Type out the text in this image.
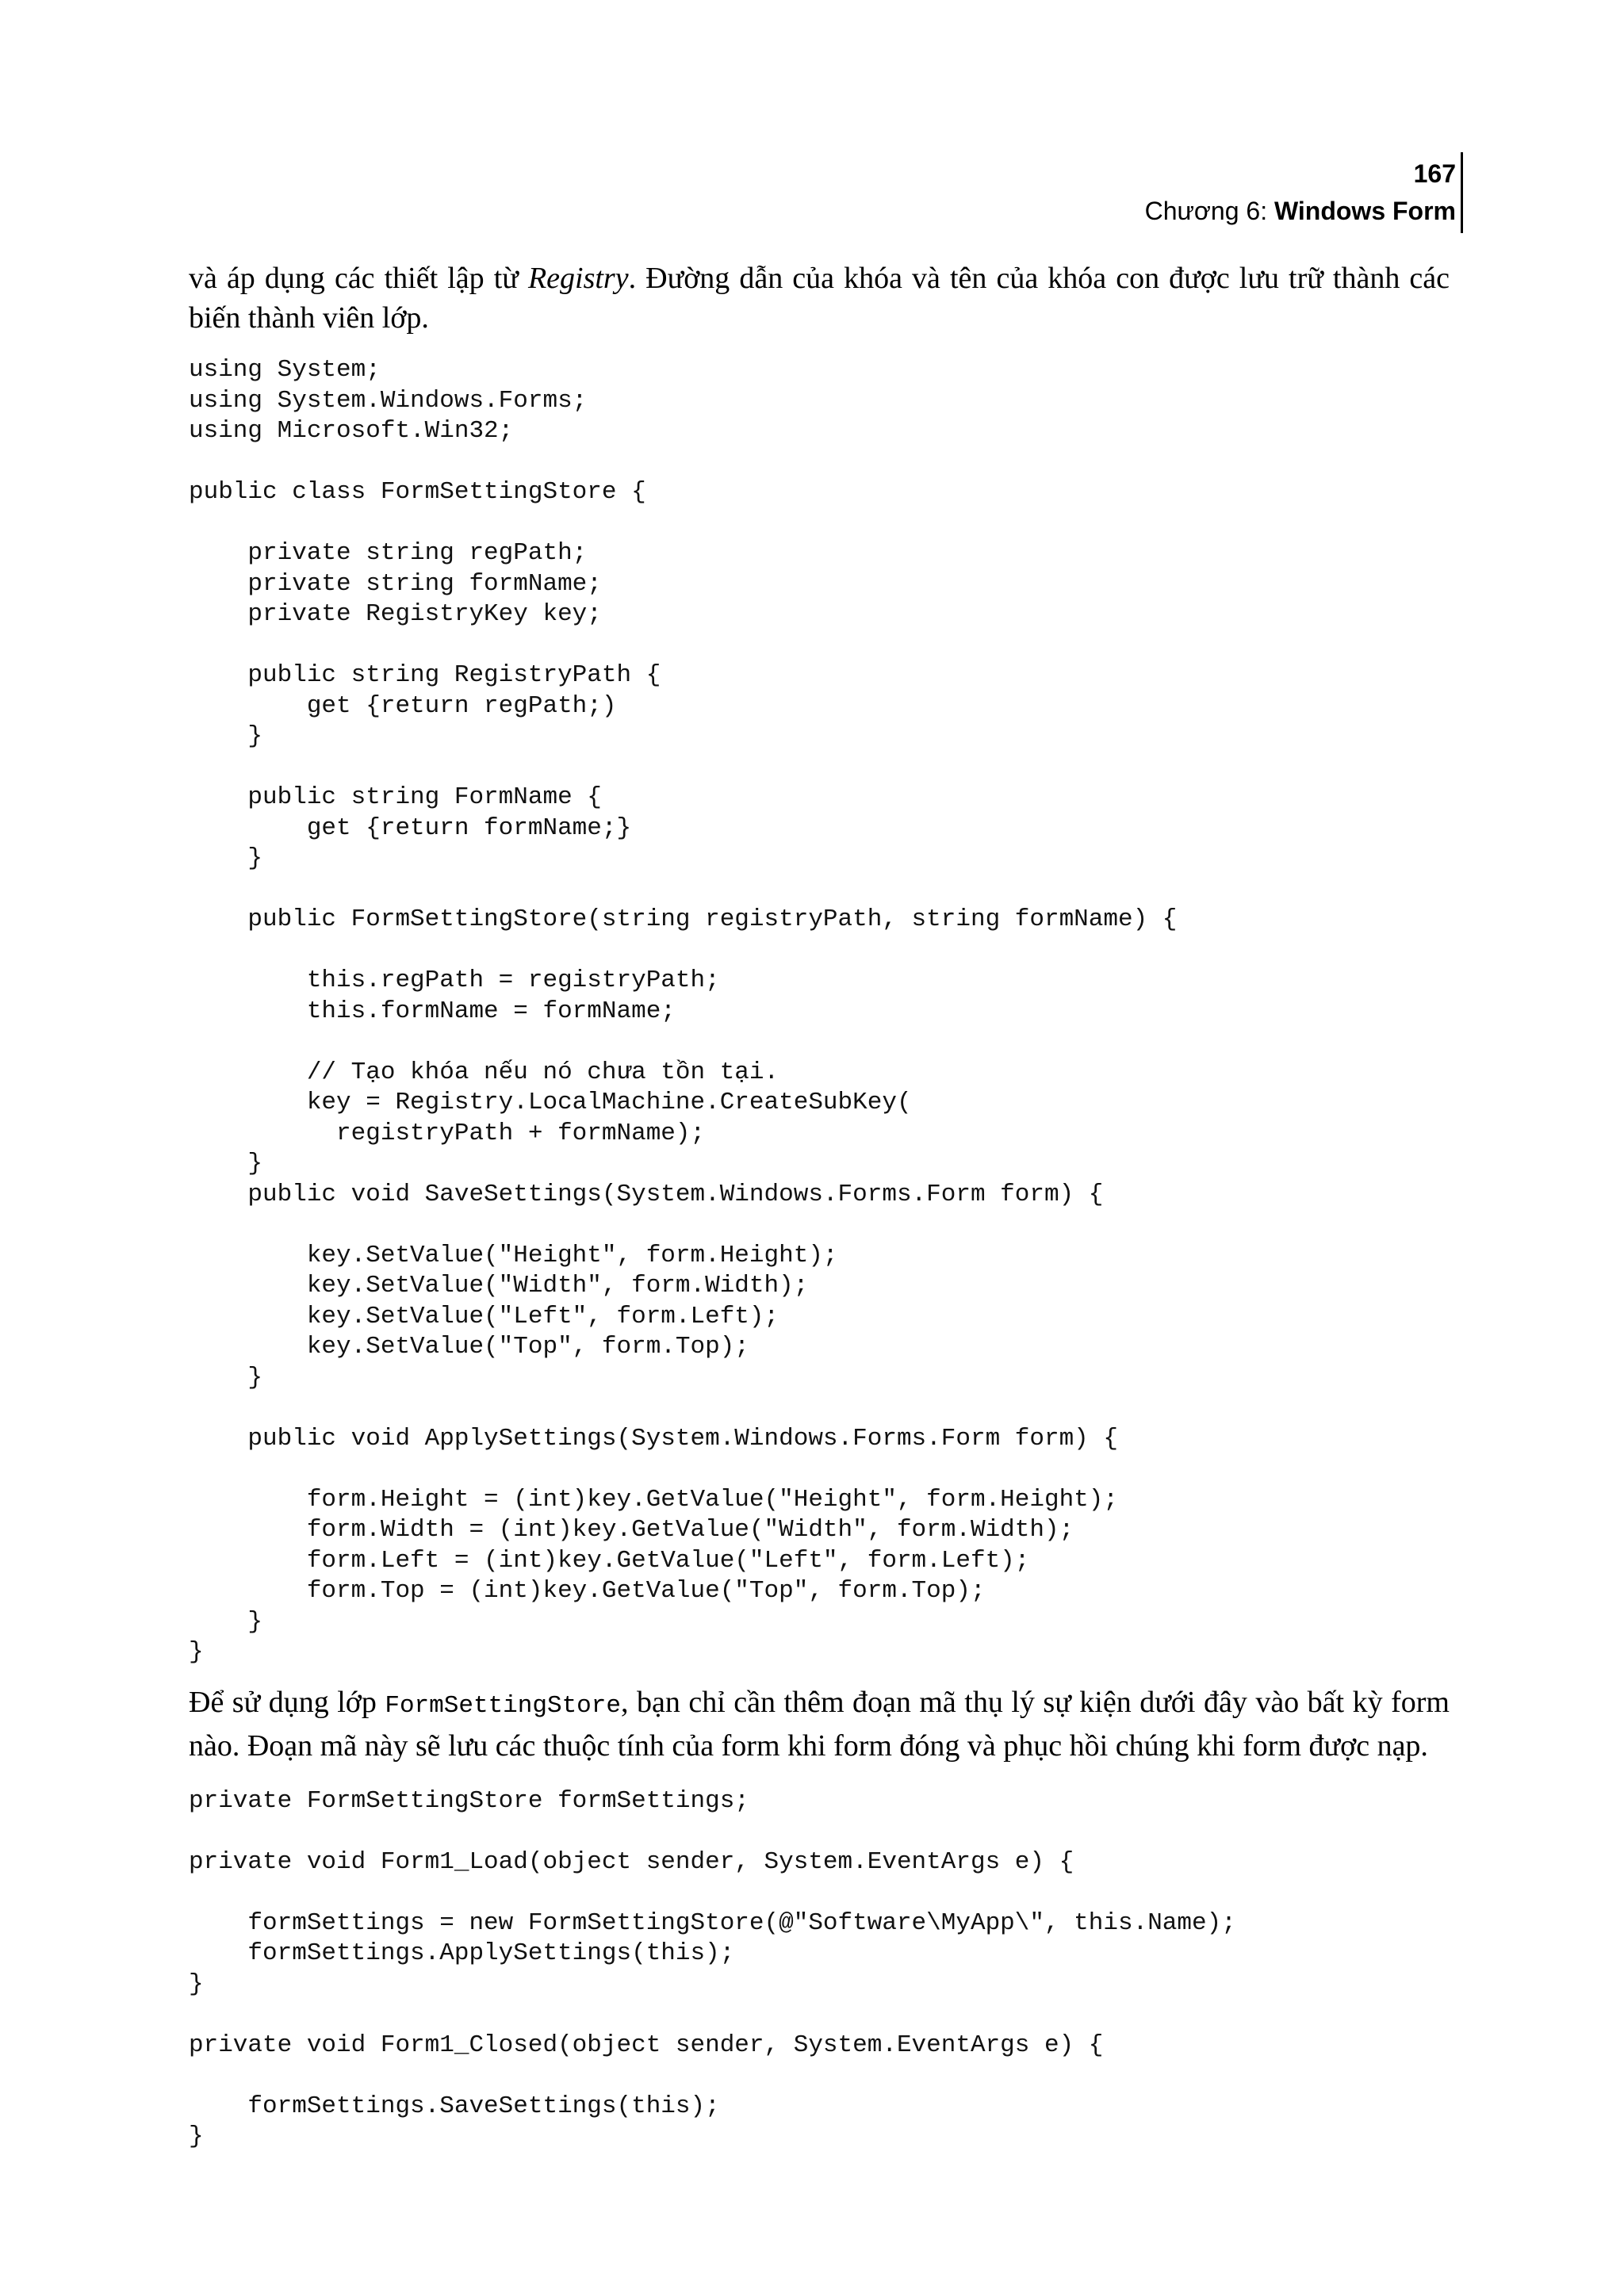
167
Chương 6: Windows Form

và áp dụng các thiết lập từ Registry. Đường dẫn của khóa và tên của khóa con được lưu trữ thành các biến thành viên lớp.

using System;
using System.Windows.Forms;
using Microsoft.Win32;

public class FormSettingStore {

private string regPath;
private string formName;
private RegistryKey key;

public string RegistryPath {
get {return regPath;)
}

public string FormName {
get {return formName;}
}

public FormSettingStore(string registryPath, string formName) {

this.regPath = registryPath;
this.formName = formName;

// Tạo khóa nếu nó chưa tồn tại.
key = Registry.LocalMachine.CreateSubKey(
registryPath + formName);
}
public void SaveSettings(System.Windows.Forms.Form form) {

key.SetValue("Height", form.Height);
key.SetValue("Width", form.Width);
key.SetValue("Left", form.Left);
key.SetValue("Top", form.Top);
}

public void ApplySettings(System.Windows.Forms.Form form) {

form.Height = (int)key.GetValue("Height", form.Height);
form.Width = (int)key.GetValue("Width", form.Width);
form.Left = (int)key.GetValue("Left", form.Left);
form.Top = (int)key.GetValue("Top", form.Top);
}
}

Để sử dụng lớp FormSettingStore, bạn chỉ cần thêm đoạn mã thụ lý sự kiện dưới đây vào bất kỳ form nào. Đoạn mã này sẽ lưu các thuộc tính của form khi form đóng và phục hồi chúng khi form được nạp.

private FormSettingStore formSettings;

private void Form1_Load(object sender, System.EventArgs e) {

formSettings = new FormSettingStore(@"Software\MyApp\", this.Name);
formSettings.ApplySettings(this);
}

private void Form1_Closed(object sender, System.EventArgs e) {

formSettings.SaveSettings(this);
}
